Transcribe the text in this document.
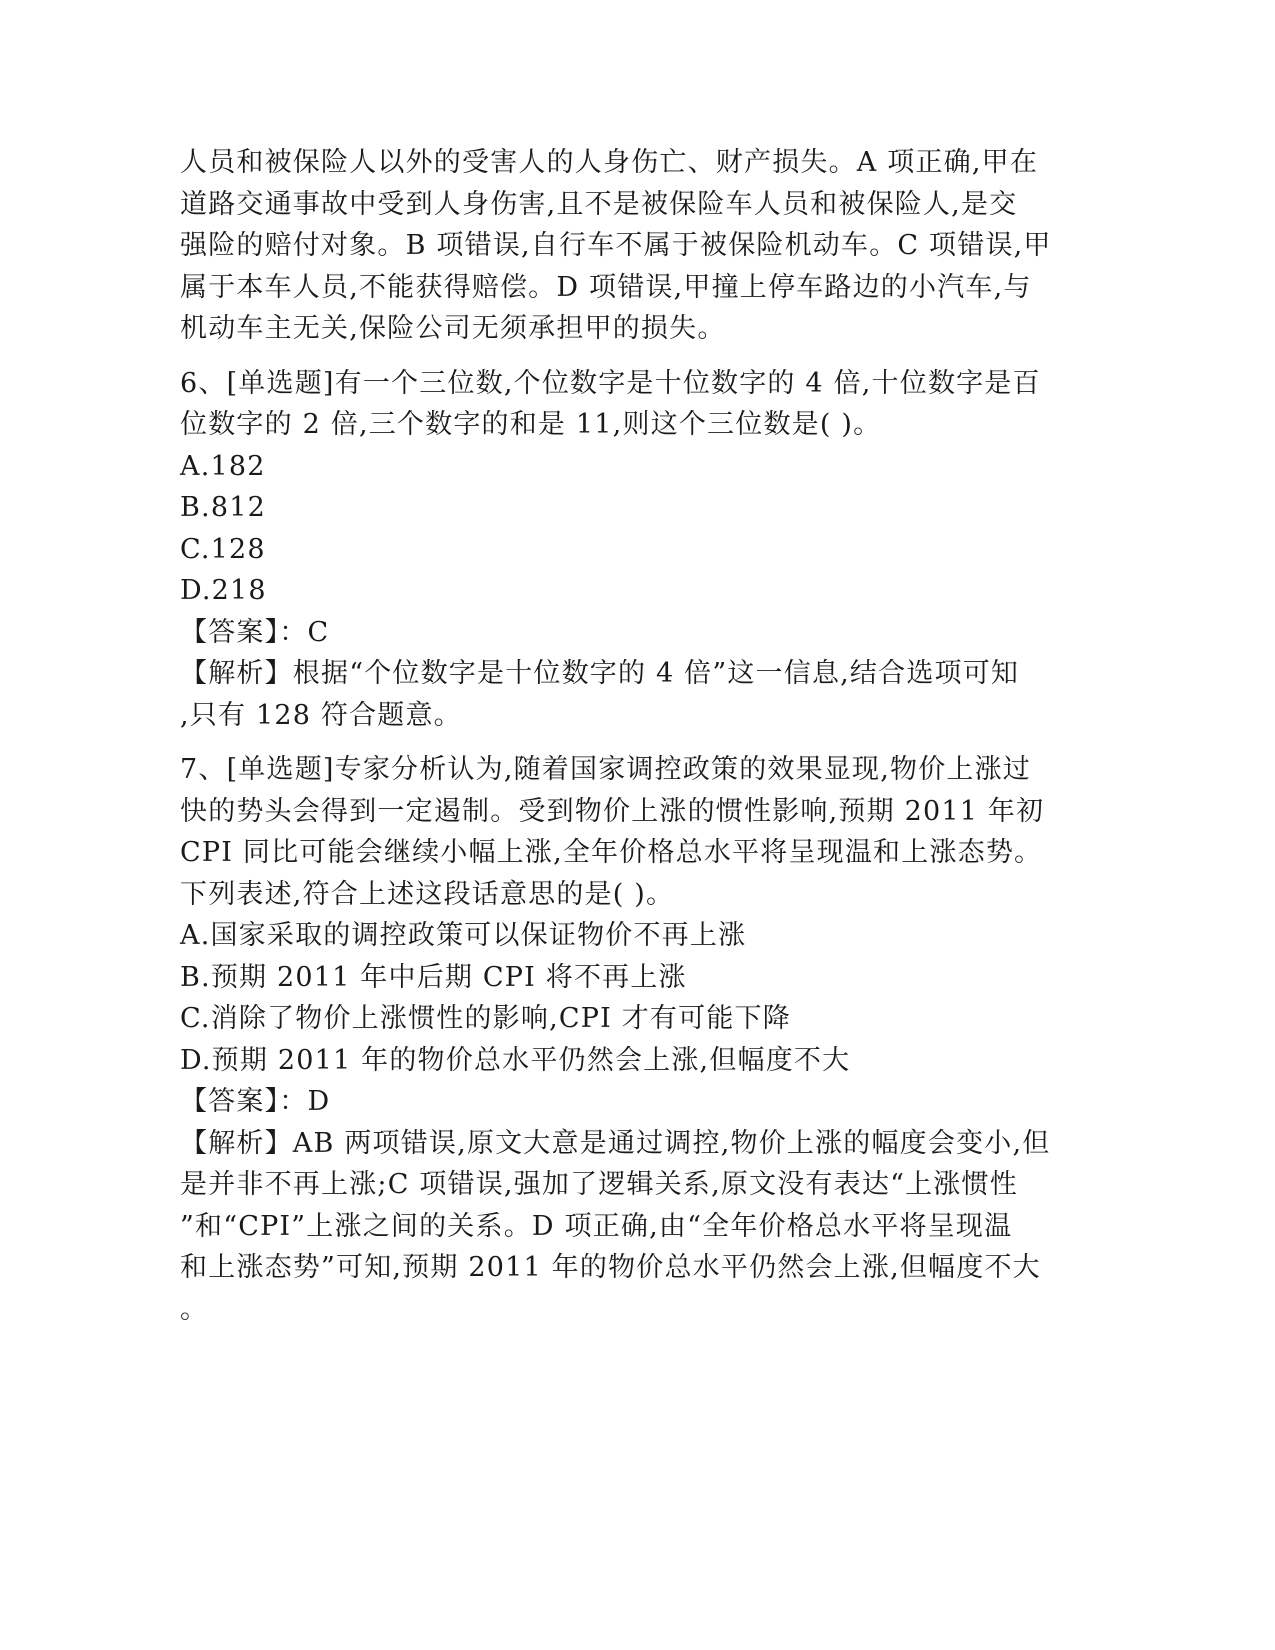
人员和被保险人以外的受害人的人身伤亡、财产损失。A 项正确,甲在
道路交通事故中受到人身伤害,且不是被保险车人员和被保险人,是交
强险的赔付对象。B 项错误,自行车不属于被保险机动车。C 项错误,甲
属于本车人员,不能获得赔偿。D 项错误,甲撞上停车路边的小汽车,与
机动车主无关,保险公司无须承担甲的损失。
6、[单选题]有一个三位数,个位数字是十位数字的 4 倍,十位数字是百
位数字的 2 倍,三个数字的和是 11,则这个三位数是( )。
A.182
B.812
C.128
D.218
【答案】：C
【解析】根据“个位数字是十位数字的 4 倍”这一信息,结合选项可知
,只有 128 符合题意。
7、[单选题]专家分析认为,随着国家调控政策的效果显现,物价上涨过
快的势头会得到一定遏制。受到物价上涨的惯性影响,预期 2011 年初
CPI 同比可能会继续小幅上涨,全年价格总水平将呈现温和上涨态势。
下列表述,符合上述这段话意思的是( )。
A.国家采取的调控政策可以保证物价不再上涨
B.预期 2011 年中后期 CPI 将不再上涨
C.消除了物价上涨惯性的影响,CPI 才有可能下降
D.预期 2011 年的物价总水平仍然会上涨,但幅度不大
【答案】：D
【解析】AB 两项错误,原文大意是通过调控,物价上涨的幅度会变小,但
是并非不再上涨;C 项错误,强加了逻辑关系,原文没有表达“上涨惯性
”和“CPI”上涨之间的关系。D 项正确,由“全年价格总水平将呈现温
和上涨态势”可知,预期 2011 年的物价总水平仍然会上涨,但幅度不大
。
